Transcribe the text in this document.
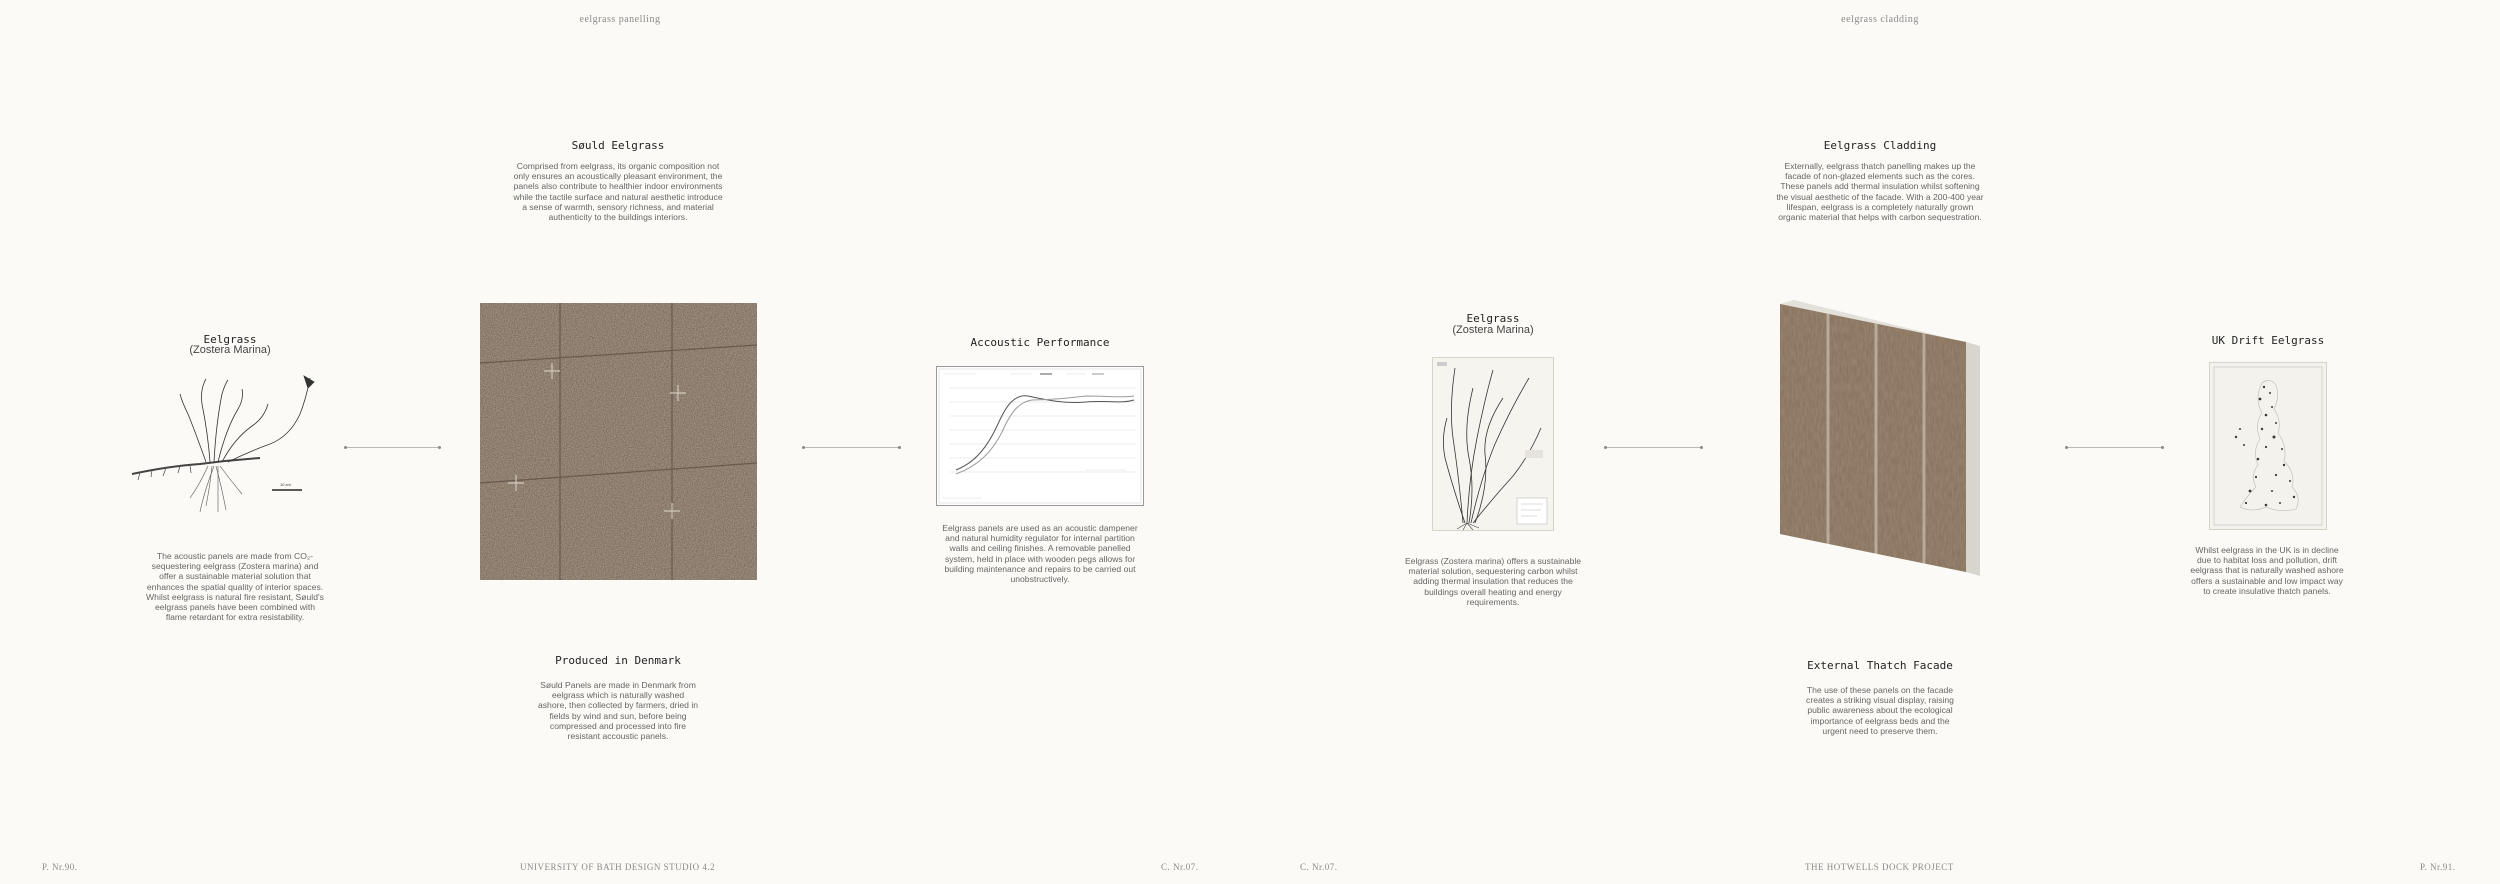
eelgrass panelling	eelgrass cladding
Eelgrass
(Zostera Marina)
10 cm
The acoustic panels are made from CO₂-sequestering eelgrass (Zostera marina) and offer a sustainable material solution that enhances the spatial quality of interior spaces. Whilst eelgrass is natural fire resistant, Søuld's eelgrass panels have been combined with flame retardant for extra resistability.
Søuld Eelgrass
Comprised from eelgrass, its organic composition not only ensures an acoustically pleasant environment, the panels also contribute to healthier indoor environments while the tactile surface and natural aesthetic introduce a sense of warmth, sensory richness, and material authenticity to the buildings interiors.
Produced in Denmark
Søuld Panels are made in Denmark from eelgrass which is naturally washed ashore, then collected by farmers, dried in fields by wind and sun, before being compressed and processed into fire resistant accoustic panels.
Accoustic Performance
Eelgrass panels are used as an acoustic dampener and natural humidity regulator for internal partition walls and ceiling finishes. A removable panelled system, held in place with wooden pegs allows for building maintenance and repairs to be carried out unobstructively.
Eelgrass
(Zostera Marina)
Eelgrass (Zostera marina) offers a sustainable material solution, sequestering carbon whilst adding thermal insulation that reduces the buildings overall heating and energy requirements.
Eelgrass Cladding
Externally, eelgrass thatch panelling makes up the facade of non-glazed elements such as the cores. These panels add thermal insulation whilst softening the visual aesthetic of the facade. With a 200-400 year lifespan, eelgrass is a completely naturally grown organic material that helps with carbon sequestration.
External Thatch Facade
The use of these panels on the facade creates a striking visual display, raising public awareness about the ecological importance of eelgrass beds and the urgent need to preserve them.
UK Drift Eelgrass
Whilst eelgrass in the UK is in decline due to habitat loss and pollution, drift eelgrass that is naturally washed ashore offers a sustainable and low impact way to create insulative thatch panels.
P. Nr.90.	UNIVERSITY OF BATH DESIGN STUDIO 4.2	C. Nr.07.	C. Nr.07.	THE HOTWELLS DOCK PROJECT	P. Nr.91.
